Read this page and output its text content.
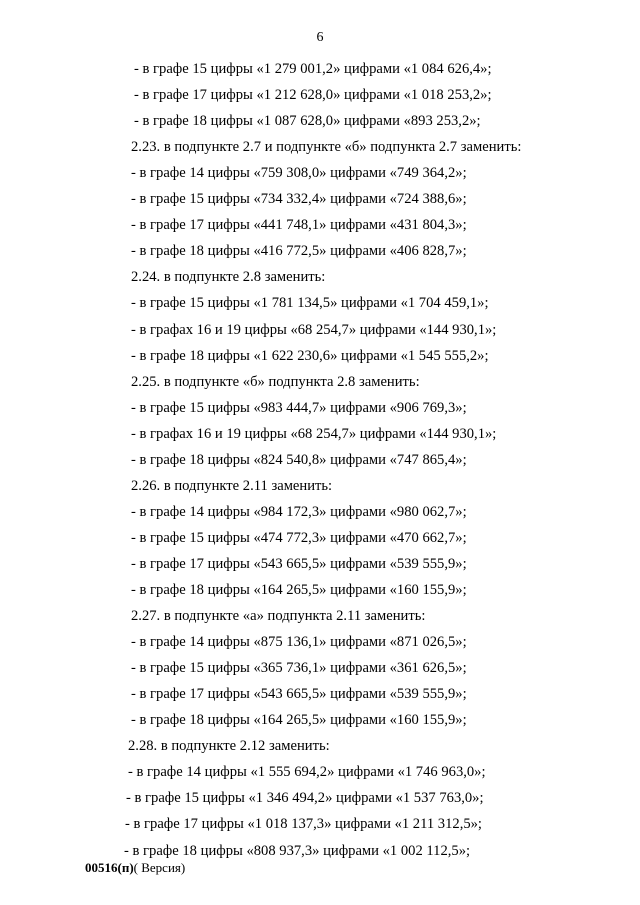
6
- в графе 15 цифры «1 279 001,2» цифрами «1 084 626,4»;
- в графе 17 цифры «1 212 628,0» цифрами «1 018 253,2»;
- в графе 18 цифры «1 087 628,0» цифрами «893 253,2»;
2.23. в подпункте 2.7 и подпункте «б» подпункта 2.7 заменить:
- в графе 14 цифры «759 308,0» цифрами «749 364,2»;
- в графе 15 цифры «734 332,4» цифрами «724 388,6»;
- в графе 17 цифры «441 748,1» цифрами «431 804,3»;
- в графе 18 цифры «416 772,5» цифрами «406 828,7»;
2.24. в подпункте 2.8 заменить:
- в графе 15 цифры «1 781 134,5» цифрами «1 704 459,1»;
- в графах 16 и 19 цифры «68 254,7» цифрами «144 930,1»;
- в графе 18 цифры «1 622 230,6» цифрами «1 545 555,2»;
2.25. в подпункте «б» подпункта 2.8 заменить:
- в графе 15 цифры «983 444,7» цифрами «906 769,3»;
- в графах 16 и 19 цифры «68 254,7» цифрами «144 930,1»;
- в графе 18 цифры «824 540,8» цифрами «747 865,4»;
2.26. в подпункте 2.11 заменить:
- в графе 14 цифры «984 172,3» цифрами «980 062,7»;
- в графе 15 цифры «474 772,3» цифрами «470 662,7»;
- в графе 17 цифры «543 665,5» цифрами «539 555,9»;
- в графе 18 цифры «164 265,5» цифрами «160 155,9»;
2.27. в подпункте «а» подпункта 2.11 заменить:
- в графе 14 цифры «875 136,1» цифрами «871 026,5»;
- в графе 15 цифры «365 736,1» цифрами «361 626,5»;
- в графе 17 цифры «543 665,5» цифрами «539 555,9»;
- в графе 18 цифры «164 265,5» цифрами «160 155,9»;
2.28. в подпункте 2.12 заменить:
- в графе 14 цифры «1 555 694,2» цифрами «1 746 963,0»;
- в графе 15 цифры «1 346 494,2» цифрами «1 537 763,0»;
- в графе 17 цифры «1 018 137,3» цифрами «1 211 312,5»;
- в графе 18 цифры «808 937,3» цифрами «1 002 112,5»;
00516(п)( Версия)
